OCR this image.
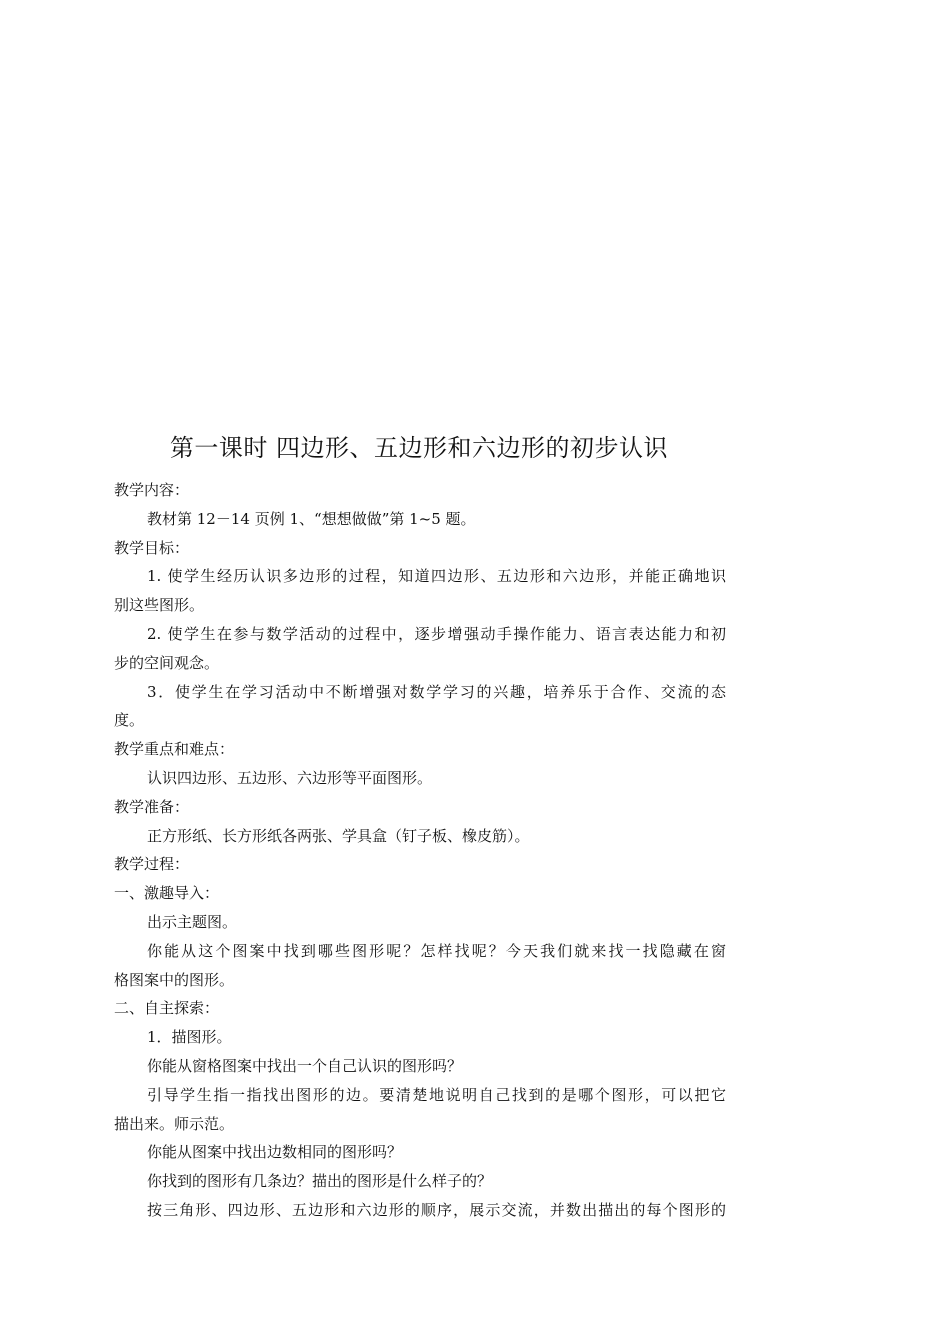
第一课时 四边形、五边形和六边形的初步认识
教学内容：
教材第 12－14 页例 1、“想想做做”第 1~5 题。
教学目标：
1. 使学生经历认识多边形的过程，知道四边形、五边形和六边形，并能正确地识
别这些图形。
2. 使学生在参与数学活动的过程中，逐步增强动手操作能力、语言表达能力和初
步的空间观念。
3．使学生在学习活动中不断增强对数学学习的兴趣，培养乐于合作、交流的态
度。
教学重点和难点：
认识四边形、五边形、六边形等平面图形。
教学准备：
正方形纸、长方形纸各两张、学具盒（钉子板、橡皮筋）。
教学过程：
一、激趣导入：
出示主题图。
你能从这个图案中找到哪些图形呢？怎样找呢？今天我们就来找一找隐藏在窗
格图案中的图形。
二、自主探索：
1．描图形。
你能从窗格图案中找出一个自己认识的图形吗？
引导学生指一指找出图形的边。要清楚地说明自己找到的是哪个图形，可以把它
描出来。师示范。
你能从图案中找出边数相同的图形吗？
你找到的图形有几条边？描出的图形是什么样子的？
按三角形、四边形、五边形和六边形的顺序，展示交流，并数出描出的每个图形的
